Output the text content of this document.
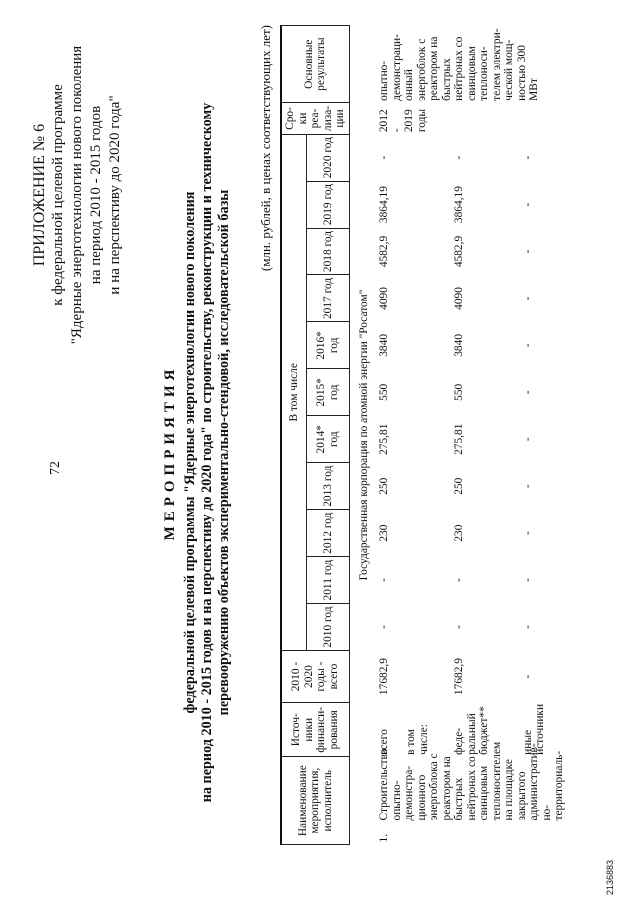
72
ПРИЛОЖЕНИЕ № 6 к федеральной целевой программе "Ядерные энерготехнологии нового поколения на период 2010 - 2015 годов и на перспективу до 2020 года"
МЕРОПРИЯТИЯ федеральной целевой программы "Ядерные энерготехнологии нового поколения на период 2010 - 2015 годов и на перспективу до 2020 года" по строительству, реконструкции и техническому перевооружению объектов экспериментально-стендовой, исследовательской базы
(млн. рублей, в ценах соответствующих лет)
Наименование мероприятия, исполнитель	Источ- ники финанси- рования	2010 - 2020 годы - всего	В том числе											Сро- ки реа- лиза- ции	Основные результаты
			2010 год	2011 год	2012 год	2013 год	2014* год	2015* год	2016* год	2017 год	2018 год	2019 год	2020 год		
Государственная корпорация по атомной энергии "Росатом"															

1.
Строительство опытно-демонстра-ционного энергоблока с реактором на быстрых нейтронах со свинцовым теплоносителем на площадке закрытого административ-но-территориаль-	всего	17682,9	-	-	230	250	275,81	550	3840	4090	4582,9	3864,19	-	2012 - 2019 годы	опытно-демонстраци-онный энергоблок с реактором на быстрых нейтронах со свинцовым теплоноси-телем электри-ческой мощ-ностью 300 МВт
	в том числе:														
	феде-ральный бюджет**	17682,9	-	-	230	250	275,81	550	3840	4090	4582,9	3864,19	-		
	иные источники	-	-	-	-	-	-	-	-	-	-	-	-		
2136883
